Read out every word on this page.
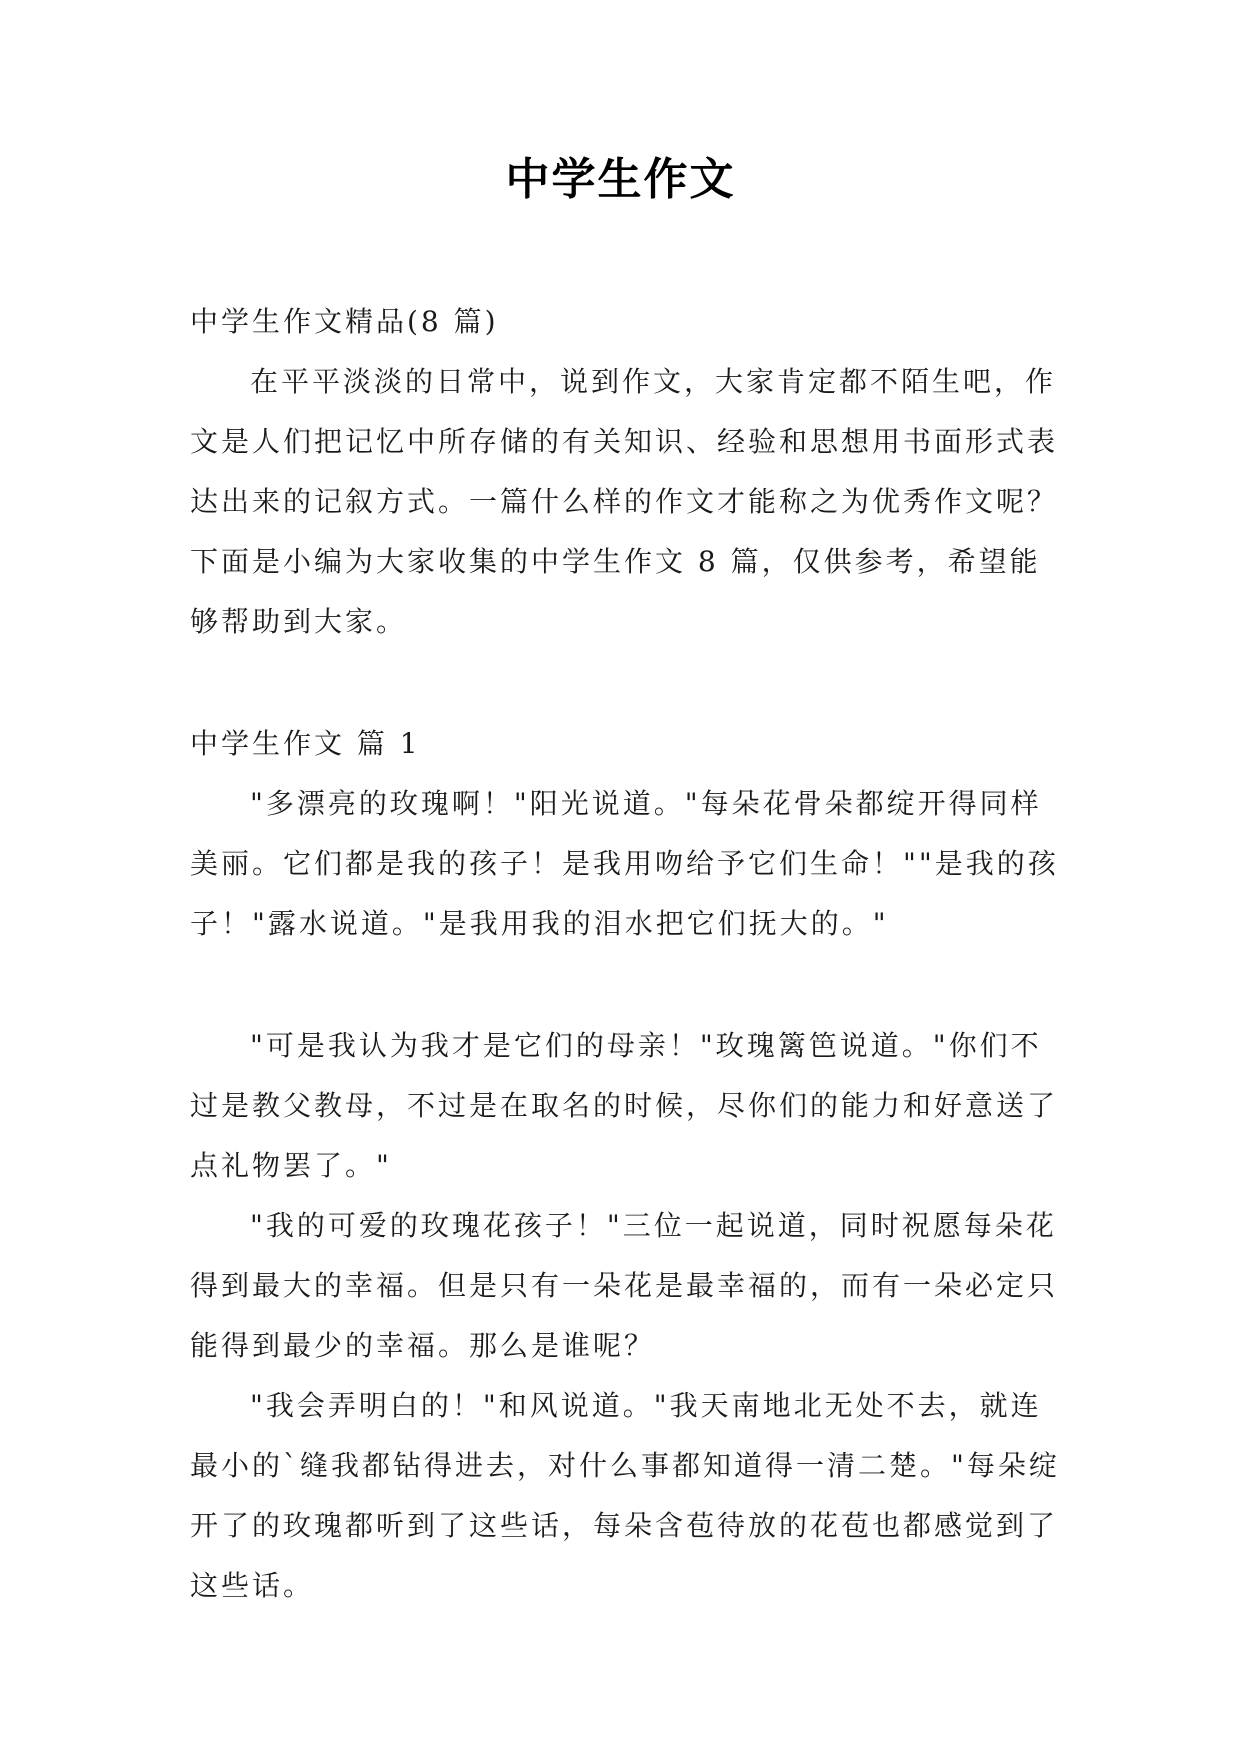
中学生作文

中学生作文精品(8 篇)

在平平淡淡的日常中，说到作文，大家肯定都不陌生吧，作文是人们把记忆中所存储的有关知识、经验和思想用书面形式表达出来的记叙方式。一篇什么样的作文才能称之为优秀作文呢？下面是小编为大家收集的中学生作文 8 篇，仅供参考，希望能够帮助到大家。

中学生作文 篇 1

"多漂亮的玫瑰啊！"阳光说道。"每朵花骨朵都绽开得同样美丽。它们都是我的孩子！是我用吻给予它们生命！""是我的孩子！"露水说道。"是我用我的泪水把它们抚大的。"

"可是我认为我才是它们的母亲！"玫瑰篱笆说道。"你们不过是教父教母，不过是在取名的时候，尽你们的能力和好意送了点礼物罢了。"

"我的可爱的玫瑰花孩子！"三位一起说道，同时祝愿每朵花得到最大的幸福。但是只有一朵花是最幸福的，而有一朵必定只能得到最少的幸福。那么是谁呢？

"我会弄明白的！"和风说道。"我天南地北无处不去，就连最小的`缝我都钻得进去，对什么事都知道得一清二楚。"每朵绽开了的玫瑰都听到了这些话，每朵含苞待放的花苞也都感觉到了这些话。
